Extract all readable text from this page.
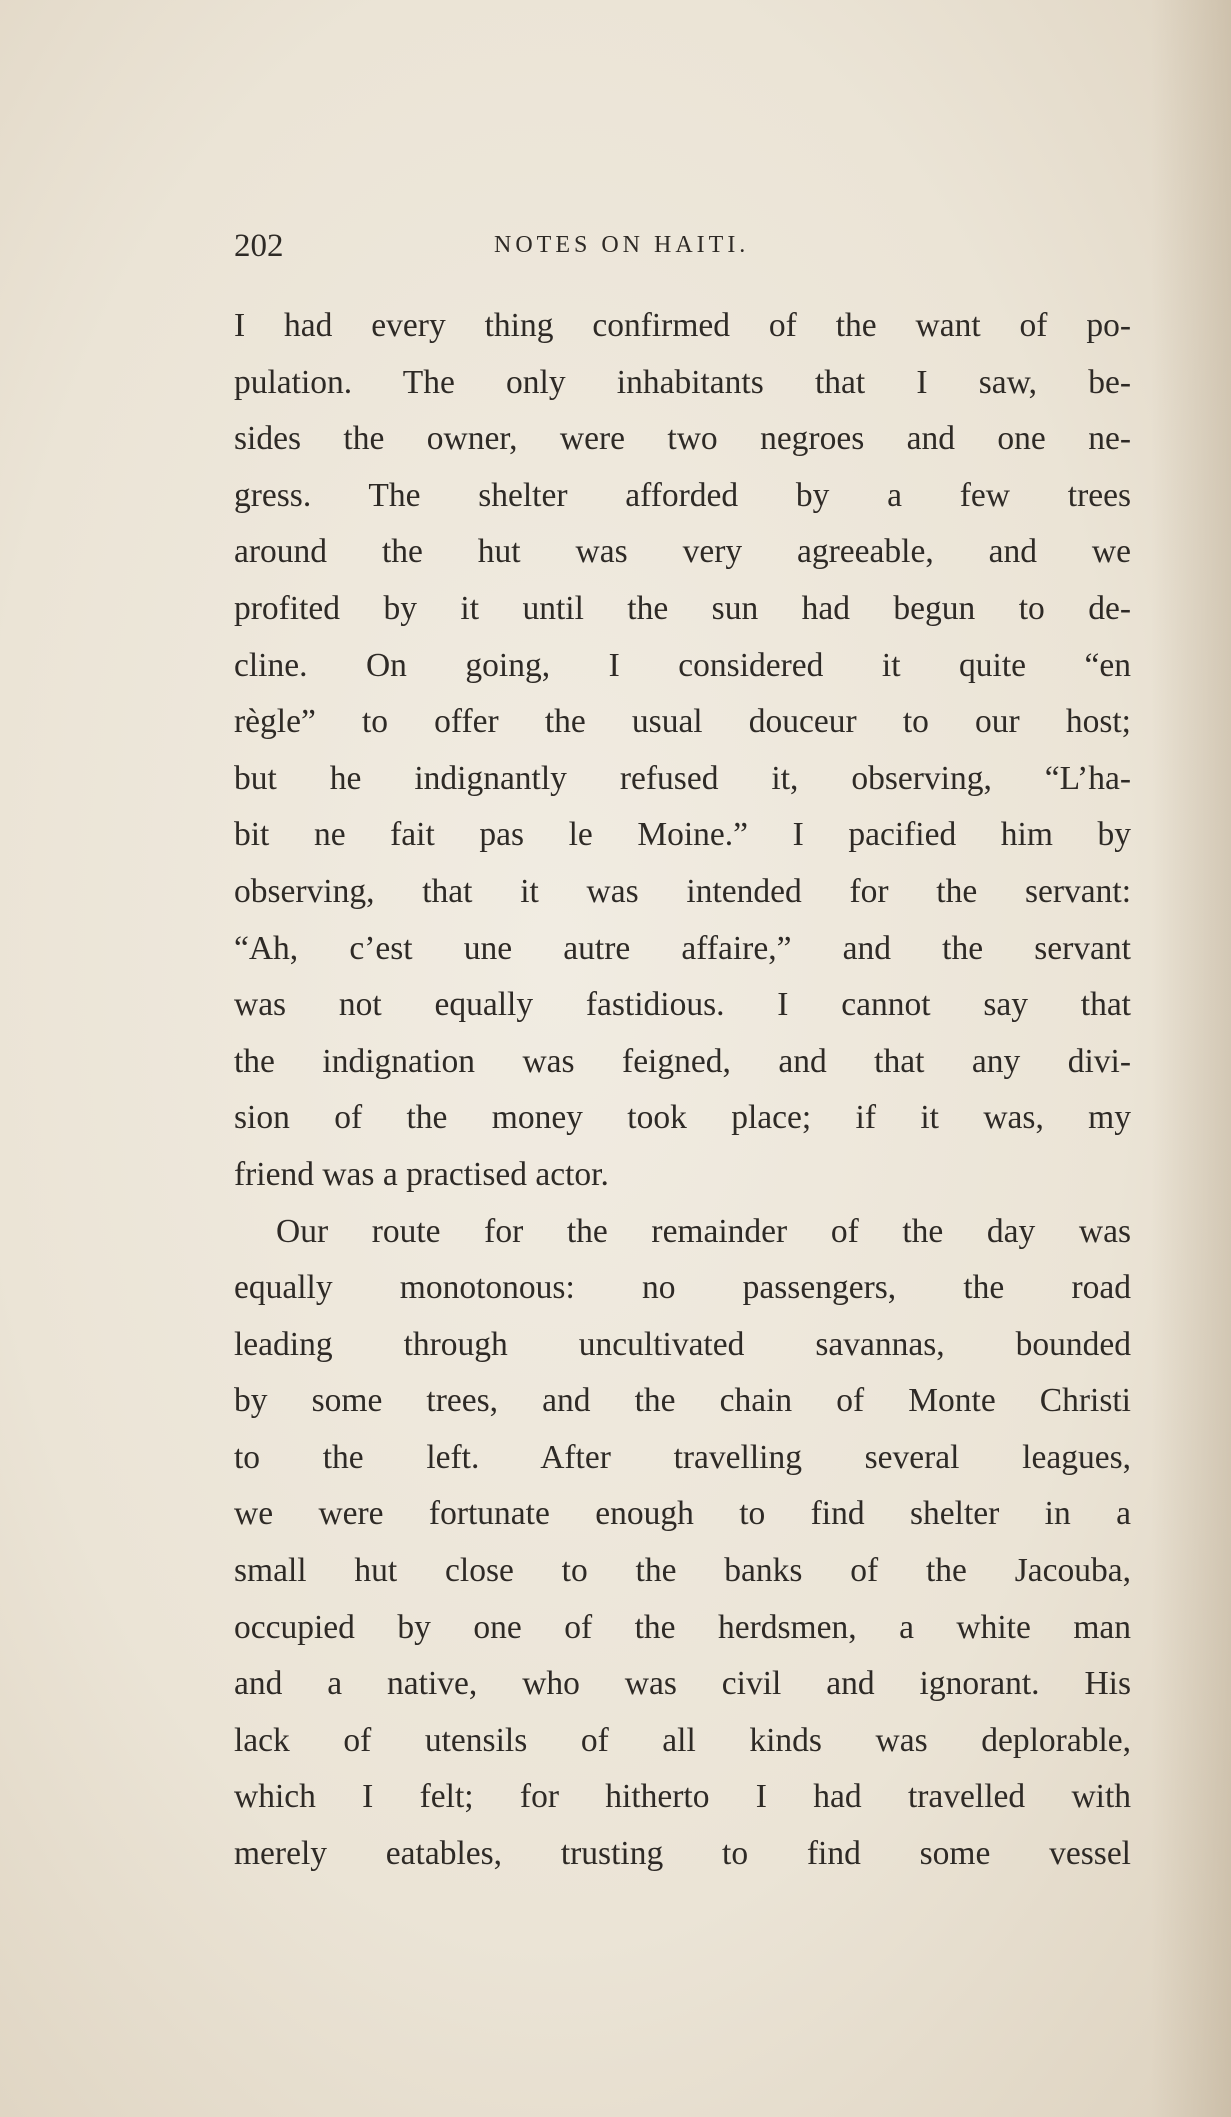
202	NOTES ON HAITI.
I had every thing confirmed of the want of po-
pulation. The only inhabitants that I saw, be-
sides the owner, were two negroes and one ne-
gress. The shelter afforded by a few trees
around the hut was very agreeable, and we
profited by it until the sun had begun to de-
cline. On going, I considered it quite “en
règle” to offer the usual douceur to our host;
but he indignantly refused it, observing, “L’ha-
bit ne fait pas le Moine.” I pacified him by
observing, that it was intended for the servant:
“Ah, c’est une autre affaire,” and the servant
was not equally fastidious. I cannot say that
the indignation was feigned, and that any divi-
sion of the money took place; if it was, my
friend was a practised actor.
Our route for the remainder of the day was
equally monotonous: no passengers, the road
leading through uncultivated savannas, bounded
by some trees, and the chain of Monte Christi
to the left. After travelling several leagues,
we were fortunate enough to find shelter in a
small hut close to the banks of the Jacouba,
occupied by one of the herdsmen, a white man
and a native, who was civil and ignorant. His
lack of utensils of all kinds was deplorable,
which I felt; for hitherto I had travelled with
merely eatables, trusting to find some vessel
